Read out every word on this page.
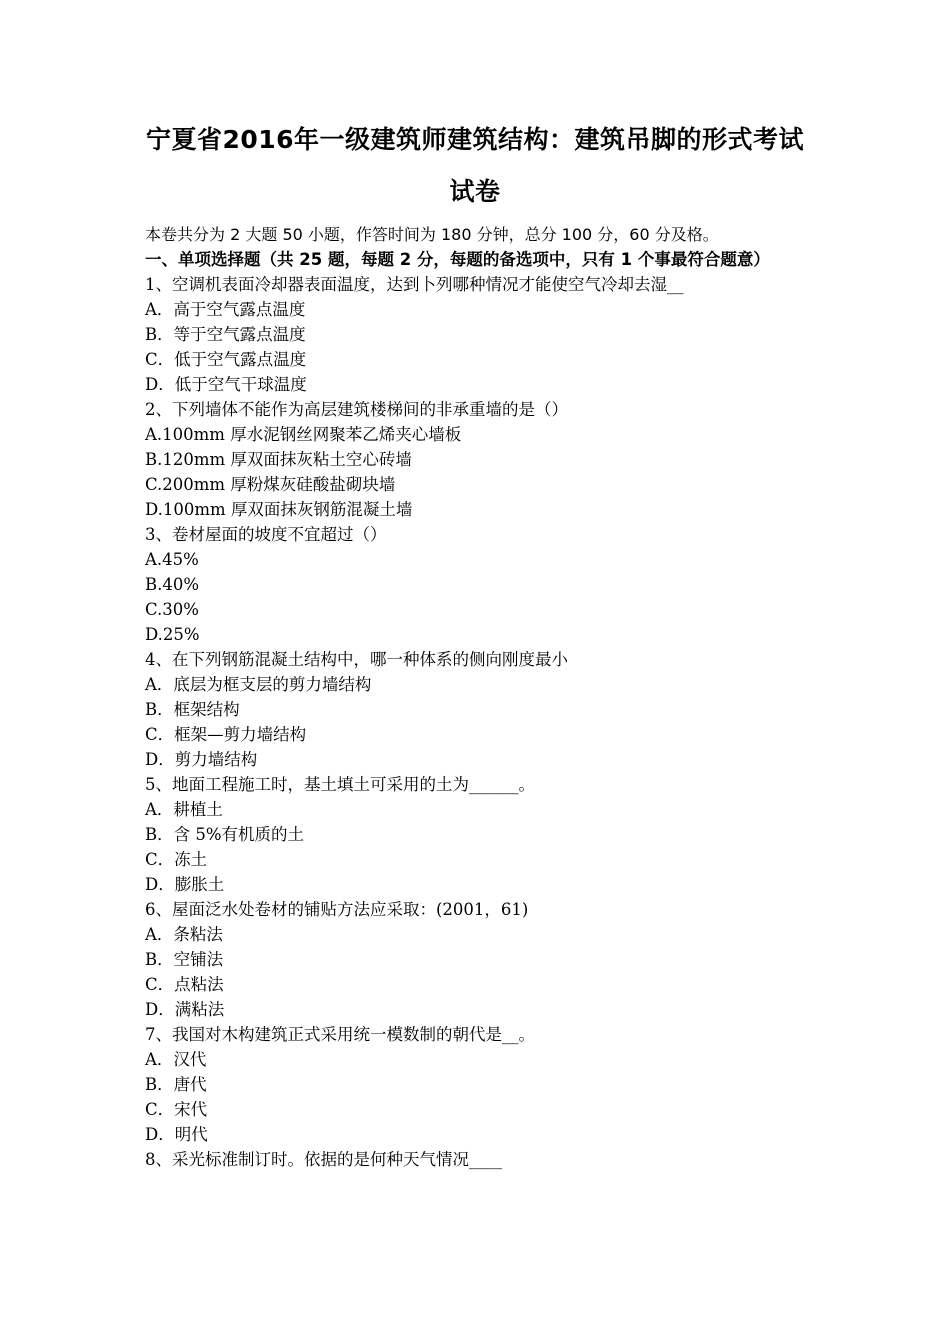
宁夏省2016年一级建筑师建筑结构：建筑吊脚的形式考试
试卷
本卷共分为 2 大题 50 小题，作答时间为 180 分钟，总分 100 分，60 分及格。
一、单项选择题（共 25 题，每题 2 分，每题的备选项中，只有 1 个事最符合题意）
1、空调机表面冷却器表面温度，达到卜列哪种情况才能使空气冷却去湿__
A．高于空气露点温度
B．等于空气露点温度
C．低于空气露点温度
D．低于空气干球温度
2、下列墙体不能作为高层建筑楼梯间的非承重墙的是（）
A.100mm 厚水泥钢丝网聚苯乙烯夹心墙板
B.120mm 厚双面抹灰粘土空心砖墙
C.200mm 厚粉煤灰硅酸盐砌块墙
D.100mm 厚双面抹灰钢筋混凝土墙
3、卷材屋面的坡度不宜超过（）
A.45%
B.40%
C.30%
D.25%
4、在下列钢筋混凝土结构中，哪一种体系的侧向刚度最小
A．底层为框支层的剪力墙结构
B．框架结构
C．框架—剪力墙结构
D．剪力墙结构
5、地面工程施工时，基土填土可采用的土为______。
A．耕植土
B．含 5%有机质的土
C．冻土
D．膨胀土
6、屋面泛水处卷材的铺贴方法应采取：(2001，61)
A．条粘法
B．空铺法
C．点粘法
D．满粘法
7、我国对木构建筑正式采用统一模数制的朝代是__。
A．汉代
B．唐代
C．宋代
D．明代
8、采光标准制订时。依据的是何种天气情况____
